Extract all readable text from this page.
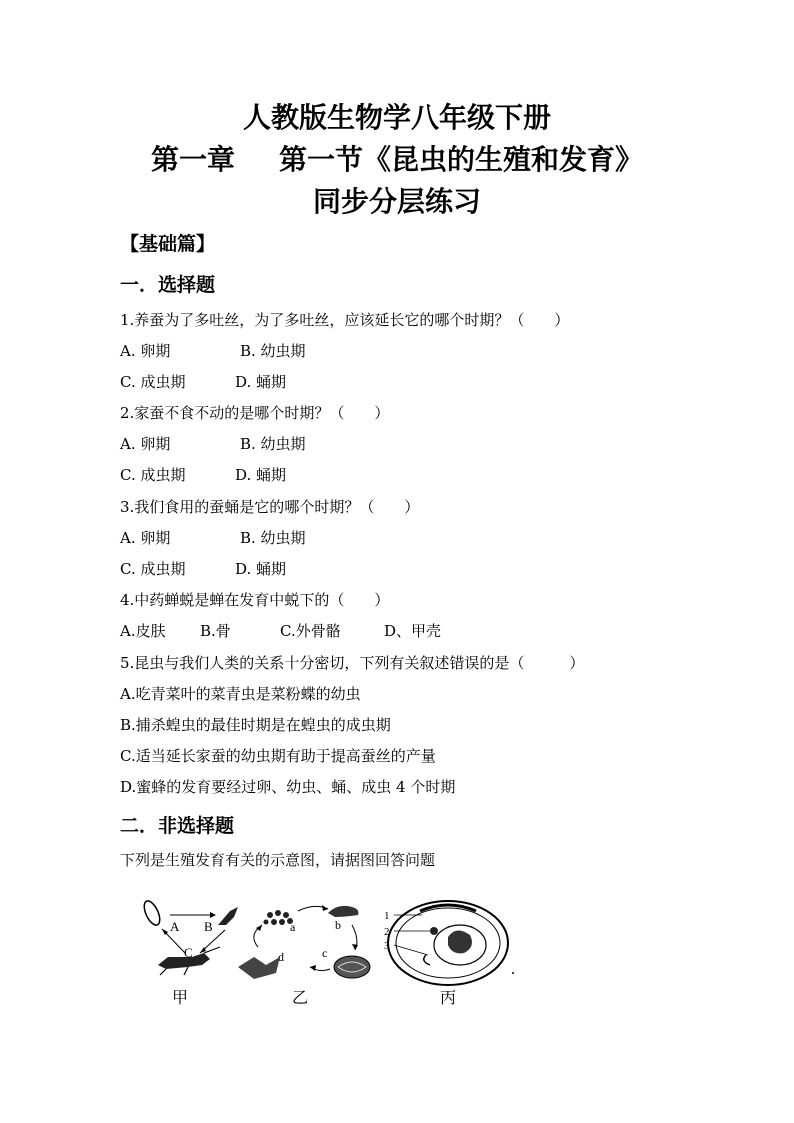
人教版生物学八年级下册
第一章 第一节《昆虫的生殖和发育》
同步分层练习
【基础篇】
一．选择题
1.养蚕为了多吐丝，为了多吐丝，应该延长它的哪个时期？（　　）
A. 卵期	B. 幼虫期
C. 成虫期	D. 蛹期
2.家蚕不食不动的是哪个时期？（　　）
A. 卵期	B. 幼虫期
C. 成虫期	D. 蛹期
3.我们食用的蚕蛹是它的哪个时期？（　　）
A. 卵期	B. 幼虫期
C. 成虫期	D. 蛹期
4.中药蝉蜕是蝉在发育中蜕下的（　　）
A.皮肤 B.骨	C.外骨骼	D、甲壳
5.昆虫与我们人类的关系十分密切，下列有关叙述错误的是（　　　）
A.吃青菜叶的菜青虫是菜粉蝶的幼虫
B.捕杀蝗虫的最佳时期是在蝗虫的成虫期
C.适当延长家蚕的幼虫期有助于提高蚕丝的产量
D.蜜蜂的发育要经过卵、幼虫、蛹、成虫 4 个时期
二．非选择题
下列是生殖发育有关的示意图，请据图回答问题
A B
C
a	b
c
d
1
2
3
甲	乙	丙
